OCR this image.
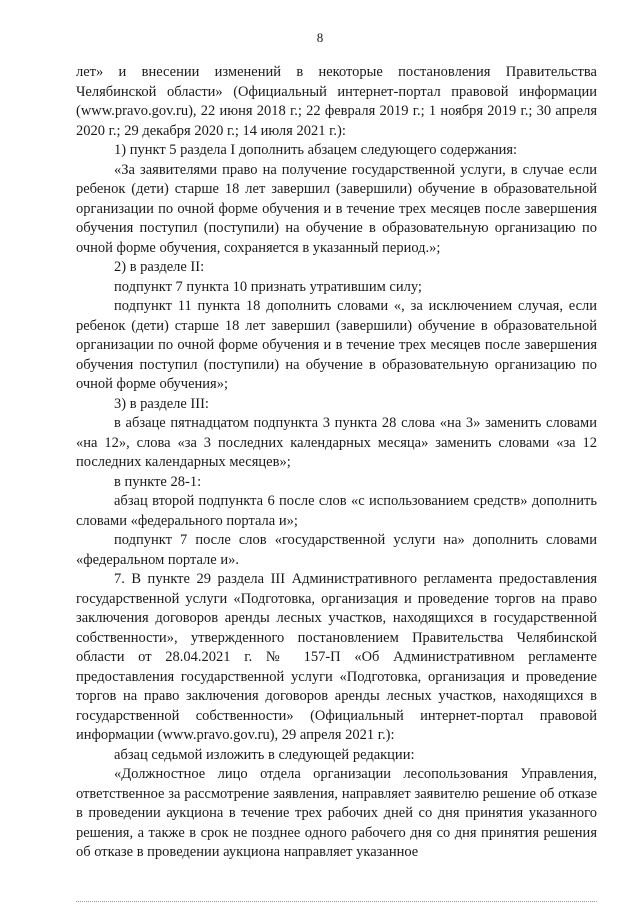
8

лет» и внесении изменений в некоторые постановления Правительства Челябинской области» (Официальный интернет-портал правовой информации (www.pravo.gov.ru), 22 июня 2018 г.; 22 февраля 2019 г.; 1 ноября 2019 г.; 30 апреля 2020 г.; 29 декабря 2020 г.; 14 июля 2021 г.):

1) пункт 5 раздела I дополнить абзацем следующего содержания:

«За заявителями право на получение государственной услуги, в случае если ребенок (дети) старше 18 лет завершил (завершили) обучение в образовательной организации по очной форме обучения и в течение трех месяцев после завершения обучения поступил (поступили) на обучение в образовательную организацию по очной форме обучения, сохраняется в указанный период.»;

2) в разделе II:

подпункт 7 пункта 10 признать утратившим силу;

подпункт 11 пункта 18 дополнить словами «, за исключением случая, если ребенок (дети) старше 18 лет завершил (завершили) обучение в образовательной организации по очной форме обучения и в течение трех месяцев после завершения обучения поступил (поступили) на обучение в образовательную организацию по очной форме обучения»;

3) в разделе III:

в абзаце пятнадцатом подпункта 3 пункта 28 слова «на 3» заменить словами «на 12», слова «за 3 последних календарных месяца» заменить словами «за 12 последних календарных месяцев»;

в пункте 28-1:

абзац второй подпункта 6 после слов «с использованием средств» дополнить словами «федерального портала и»;

подпункт 7 после слов «государственной услуги на» дополнить словами «федеральном портале и».

7. В пункте 29 раздела III Административного регламента предоставления государственной услуги «Подготовка, организация и проведение торгов на право заключения договоров аренды лесных участков, находящихся в государственной собственности», утвержденного постановлением Правительства Челябинской области от 28.04.2021 г. № 157-П «Об Административном регламенте предоставления государственной услуги «Подготовка, организация и проведение торгов на право заключения договоров аренды лесных участков, находящихся в государственной собственности» (Официальный интернет-портал правовой информации (www.pravo.gov.ru), 29 апреля 2021 г.):

абзац седьмой изложить в следующей редакции:

«Должностное лицо отдела организации лесопользования Управления, ответственное за рассмотрение заявления, направляет заявителю решение об отказе в проведении аукциона в течение трех рабочих дней со дня принятия указанного решения, а также в срок не позднее одного рабочего дня со дня принятия решения об отказе в проведении аукциона направляет указанное
